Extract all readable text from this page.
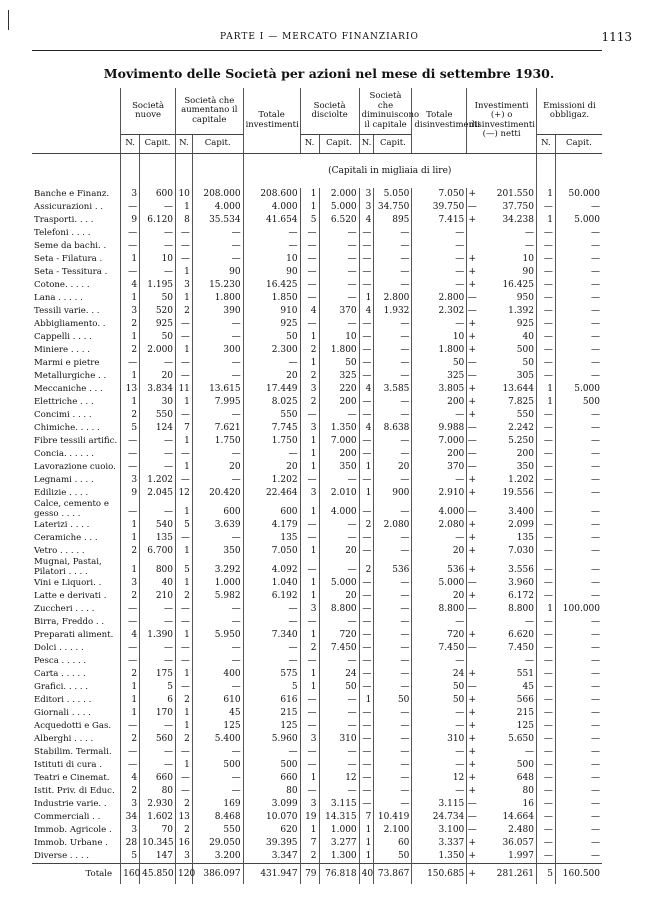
PARTE I — MERCATO FINANZIARIO	1113
Movimento delle Società per azioni nel mese di settembre 1930.
	Società nuove		Società che aumentano il capitale		Totale investimenti	Società disciolte		Società che diminuiscono il capitale		Totale disinvestimenti	Investimenti (+) o disinvestimenti (—) netti		Emissioni di obbligaz.	
	N.	Capit.	N.	Capit.		N.	Capit.	N.	Capit.				N.	Capit.
					(Capitali in migliaia di lire)									
Banche e Finanz.	3	600	10	208.000	208.600	1	2.000	3	5.050	7.050	+	201.550	1	50.000
Assicurazioni . .	—	—	1	4.000	4.000	1	5.000	3	34.750	39.750	—	37.750	—	—
Trasporti. . . .	9	6.120	8	35.534	41.654	5	6.520	4	895	7.415	+	34.238	1	5.000
Telefoni . . . .	—	—	—	—	—	—	—	—	—	—		—	—	—
Seme da bachi. .	—	—	—	—	—	—	—	—	—	—		—	—	—
Seta - Filatura .	1	10	—	—	10	—	—	—	—	—	+	10	—	—
Seta - Tessitura .	—	—	1	90	90	—	—	—	—	—	+	90	—	—
Cotone. . . . .	4	1.195	3	15.230	16.425	—	—	—	—	—	+	16.425	—	—
Lana . . . . .	1	50	1	1.800	1.850	—	—	1	2.800	2.800	—	950	—	—
Tessili varie. . .	3	520	2	390	910	4	370	4	1.932	2.302	—	1.392	—	—
Abbigliamento. .	2	925	—	—	925	—	—	—	—	—	+	925	—	—
Cappelli . . . .	1	50	—	—	50	1	10	—	—	10	+	40	—	—
Miniere . . . .	2	2.000	1	300	2.300	2	1.800	—	—	1.800	+	500	—	—
Marmi e pietre	—	—	—	—	—	1	50	—	—	50	—	50	—	—
Metallurgiche . .	1	20	—	—	20	2	325	—	—	325	—	305	—	—
Meccaniche . . .	13	3.834	11	13.615	17.449	3	220	4	3.585	3.805	+	13.644	1	5.000
Elettriche . . .	1	30	1	7.995	8.025	2	200	—	—	200	+	7.825	1	500
Concimi . . . .	2	550	—	—	550	—	—	—	—	—	+	550	—	—
Chimiche. . . . .	5	124	7	7.621	7.745	3	1.350	4	8.638	9.988	—	2.242	—	—
Fibre tessili artific.	—	—	1	1.750	1.750	1	7.000	—	—	7.000	—	5.250	—	—
Concia. . . . . .	—	—	—	—	—	1	200	—	—	200	—	200	—	—
Lavorazione cuoio.	—	—	1	20	20	1	350	1	20	370	—	350	—	—
Legnami . . . .	3	1.202	—	—	1.202	—	—	—	—	—	+	1.202	—	—
Edilizie . . . .	9	2.045	12	20.420	22.464	3	2.010	1	900	2.910	+	19.556	—	—
Calce, cemento e gesso . . . .	—	—	1	600	600	1	4.000	—	—	4.000	—	3.400	—	—
Laterizi . . . .	1	540	5	3.639	4.179	—	—	2	2.080	2.080	+	2.099	—	—
Ceramiche . . .	1	135	—	—	135	—	—	—	—	—	+	135	—	—
Vetro . . . . .	2	6.700	1	350	7.050	1	20	—	—	20	+	7.030	—	—
Mugnai, Pastai, Pilatori . . . .	1	800	5	3.292	4.092	—	—	2	536	536	+	3.556	—	—
Vini e Liquori. .	3	40	1	1.000	1.040	1	5.000	—	—	5.000	—	3.960	—	—
Latte e derivati .	2	210	2	5.982	6.192	1	20	—	—	20	+	6.172	—	—
Zuccheri . . . .	—	—	—	—	—	3	8.800	—	—	8.800	—	8.800	1	100.000
Birra, Freddo . .	—	—	—	—	—	—	—	—	—	—		—	—	—
Preparati aliment.	4	1.390	1	5.950	7.340	1	720	—	—	720	+	6.620	—	—
Dolci . . . . .	—	—	—	—	—	2	7.450	—	—	7.450	—	7.450	—	—
Pesca . . . . .	—	—	—	—	—	—	—	—	—	—		—	—	—
Carta . . . . .	2	175	1	400	575	1	24	—	—	24	+	551	—	—
Grafici. . . . .	1	5	—	—	5	1	50	—	—	50	—	45	—	—
Editori . . . . .	1	6	2	610	616	—	—	1	50	50	+	566	—	—
Giornali . . . .	1	170	1	45	215	—	—	—	—	—	+	215	—	—
Acquedotti e Gas.	—	—	1	125	125	—	—	—	—	—	+	125	—	—
Alberghi . . . .	2	560	2	5.400	5.960	3	310	—	—	310	+	5.650	—	—
Stabilim. Termali.	—	—	—	—	—	—	—	—	—	—	+	—	—	—
Istituti di cura .	—	—	1	500	500	—	—	—	—	—	+	500	—	—
Teatri e Cinemat.	4	660	—	—	660	1	12	—	—	12	+	648	—	—
Istit. Priv. di Educ.	2	80	—	—	80	—	—	—	—	—	+	80	—	—
Industrie varie. .	3	2.930	2	169	3.099	3	3.115	—	—	3.115	—	16	—	—
Commerciali . .	34	1.602	13	8.468	10.070	19	14.315	7	10.419	24.734	—	14.664	—	—
Immob. Agricole .	3	70	2	550	620	1	1.000	1	2.100	3.100	—	2.480	—	—
Immob. Urbane .	28	10.345	16	29.050	39.395	7	3.277	1	60	3.337	+	36.057	—	—
Diverse . . . .	5	147	3	3.200	3.347	2	1.300	1	50	1.350	+	1.997	—	—
Totale	160	45.850	120	386.097	431.947	79	76.818	40	73.867	150.685	+	281.261	5	160.500
